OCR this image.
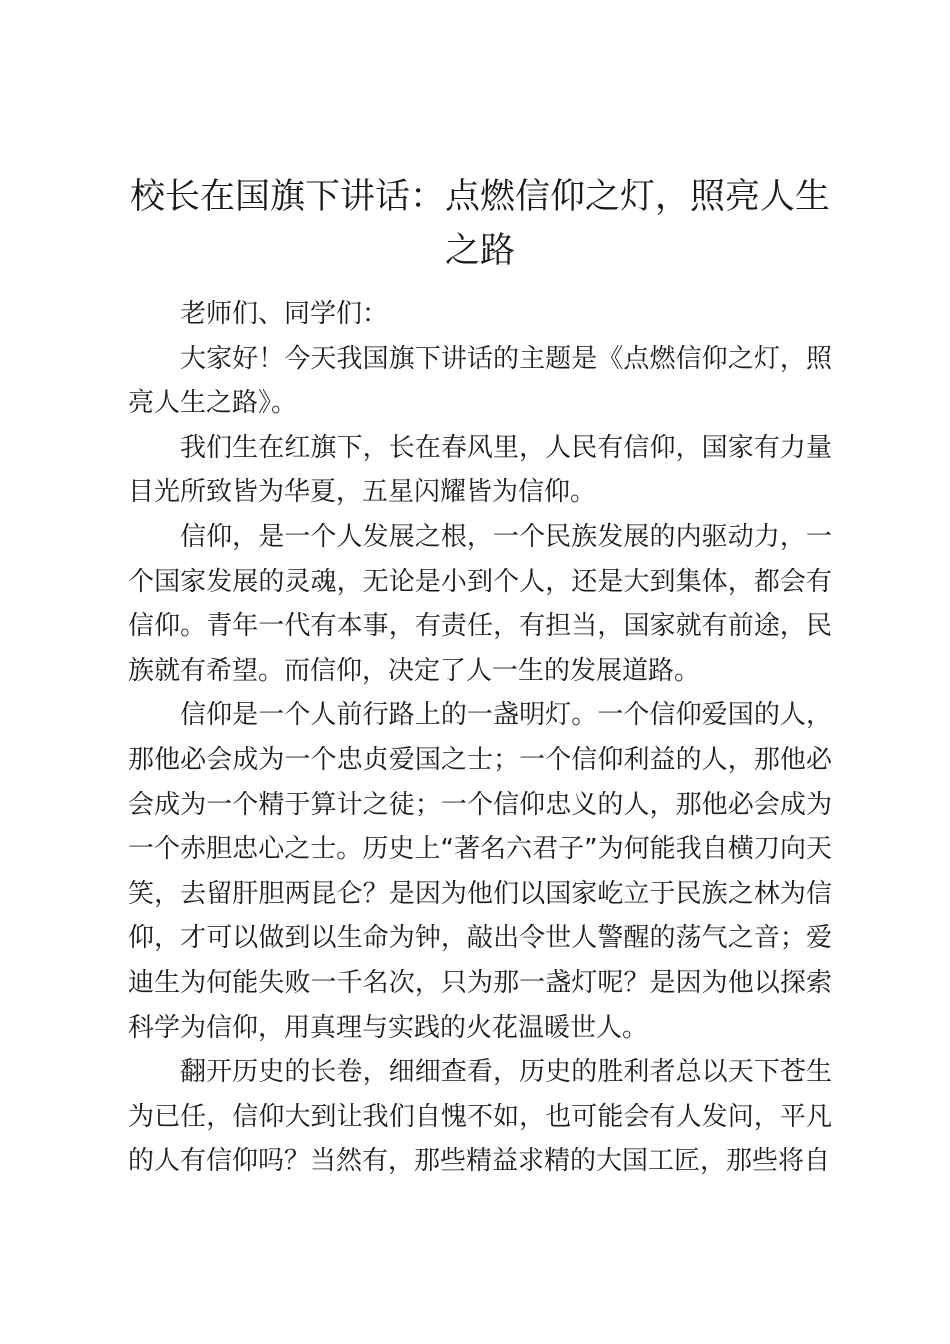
校长在国旗下讲话：点燃信仰之灯，照亮人生之路

老师们、同学们：

大家好！今天我国旗下讲话的主题是《点燃信仰之灯，照亮人生之路》。

我们生在红旗下，长在春风里，人民有信仰，国家有力量目光所致皆为华夏，五星闪耀皆为信仰。

信仰，是一个人发展之根，一个民族发展的内驱动力，一个国家发展的灵魂，无论是小到个人，还是大到集体，都会有信仰。青年一代有本事，有责任，有担当，国家就有前途，民族就有希望。而信仰，决定了人一生的发展道路。

信仰是一个人前行路上的一盏明灯。一个信仰爱国的人，那他必会成为一个忠贞爱国之士；一个信仰利益的人，那他必会成为一个精于算计之徒；一个信仰忠义的人，那他必会成为一个赤胆忠心之士。历史上“著名六君子”为何能我自横刀向天笑，去留肝胆两昆仑？是因为他们以国家屹立于民族之林为信仰，才可以做到以生命为钟，敲出令世人警醒的荡气之音；爱迪生为何能失败一千名次，只为那一盏灯呢？是因为他以探索科学为信仰，用真理与实践的火花温暖世人。

翻开历史的长卷，细细查看，历史的胜利者总以天下苍生为已任，信仰大到让我们自愧不如，也可能会有人发问，平凡的人有信仰吗？当然有，那些精益求精的大国工匠，那些将自
